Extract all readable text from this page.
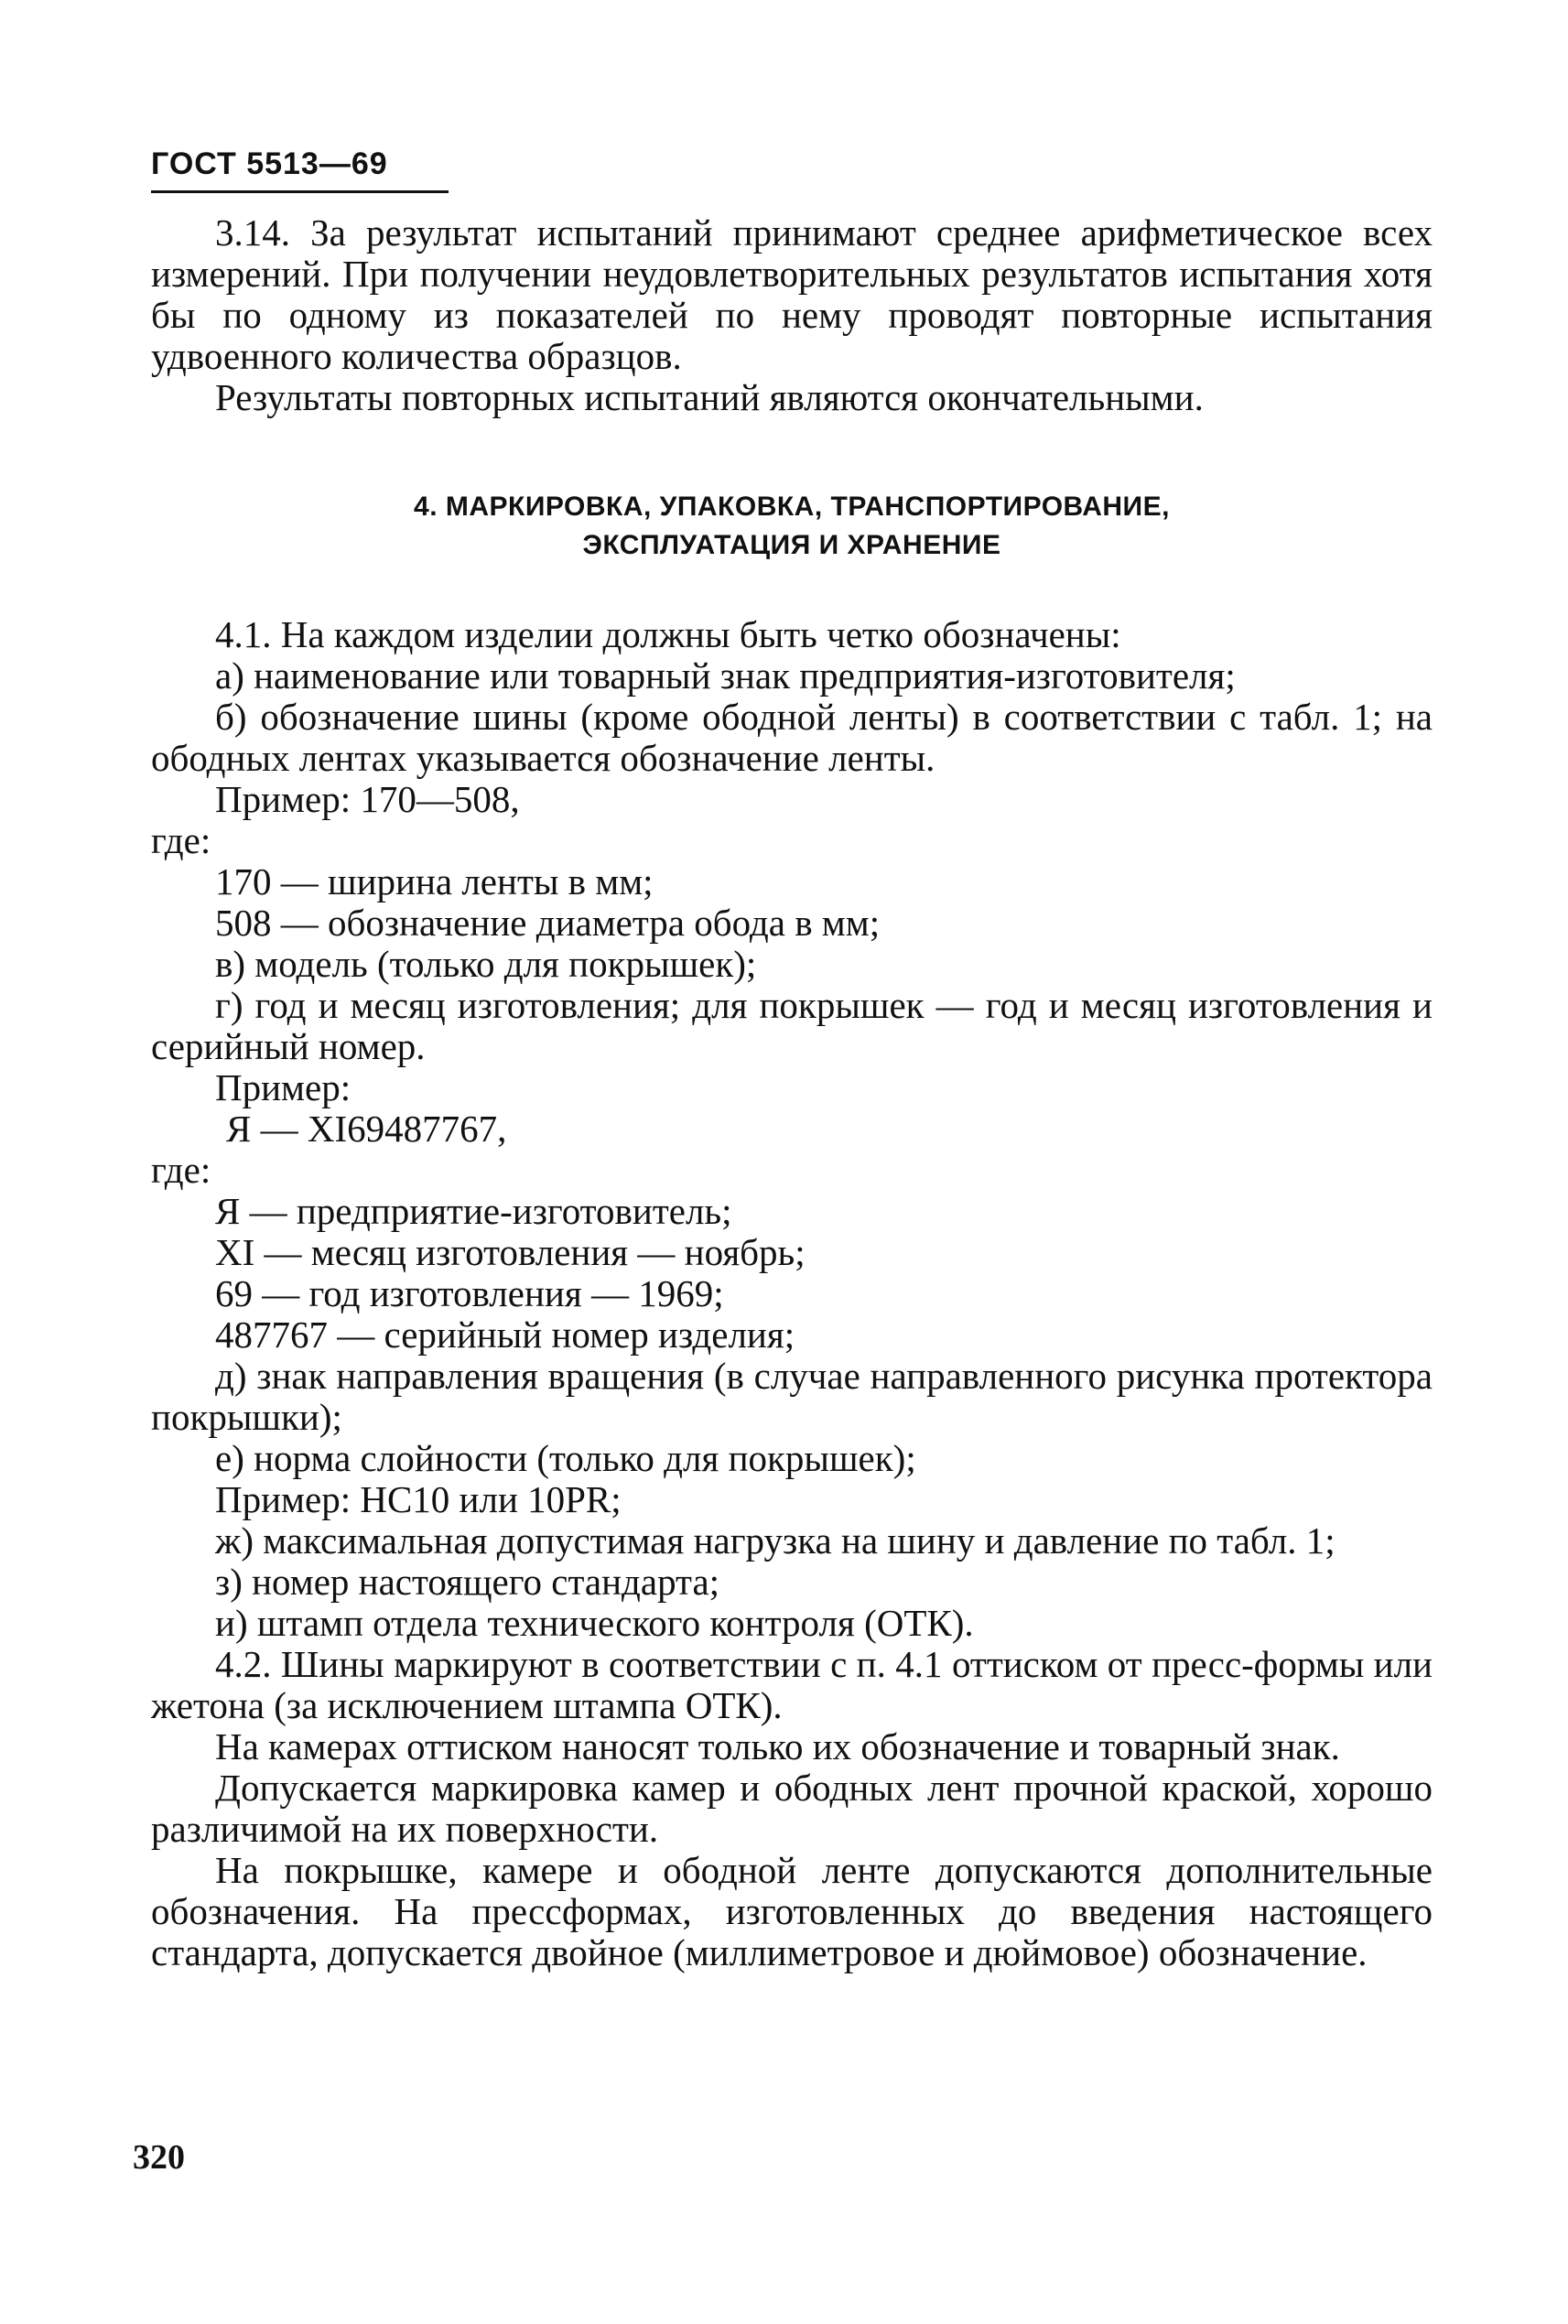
ГОСТ 5513—69

3.14. За результат испытаний принимают среднее арифметическое всех измерений. При получении неудовлетворительных результатов испытания хотя бы по одному из показателей по нему проводят повторные испытания удвоенного количества образцов.

Результаты повторных испытаний являются окончательными.

4. МАРКИРОВКА, УПАКОВКА, ТРАНСПОРТИРОВАНИЕ,
ЭКСПЛУАТАЦИЯ И ХРАНЕНИЕ

4.1. На каждом изделии должны быть четко обозначены:

а) наименование или товарный знак предприятия-изготовителя;

б) обозначение шины (кроме ободной ленты) в соответствии с табл. 1; на ободных лентах указывается обозначение ленты.

Пример: 170—508,

где:

170 — ширина ленты в мм;

508 — обозначение диаметра обода в мм;

в) модель (только для покрышек);

г) год и месяц изготовления; для покрышек — год и месяц изготовления и серийный номер.

Пример:

Я — XI69487767,

где:

Я — предприятие-изготовитель;

XI — месяц изготовления — ноябрь;

69 — год изготовления — 1969;

487767 — серийный номер изделия;

д) знак направления вращения (в случае направленного рисунка протектора покрышки);

е) норма слойности (только для покрышек);

Пример: НС10 или 10PR;

ж) максимальная допустимая нагрузка на шину и давление по табл. 1;

з) номер настоящего стандарта;

и) штамп отдела технического контроля (ОТК).

4.2. Шины маркируют в соответствии с п. 4.1 оттиском от пресс-формы или жетона (за исключением штампа ОТК).

На камерах оттиском наносят только их обозначение и товарный знак.

Допускается маркировка камер и ободных лент прочной краской, хорошо различимой на их поверхности.

На покрышке, камере и ободной ленте допускаются дополнительные обозначения. На прессформах, изготовленных до введения настоящего стандарта, допускается двойное (миллиметровое и дюймовое) обозначение.

320
